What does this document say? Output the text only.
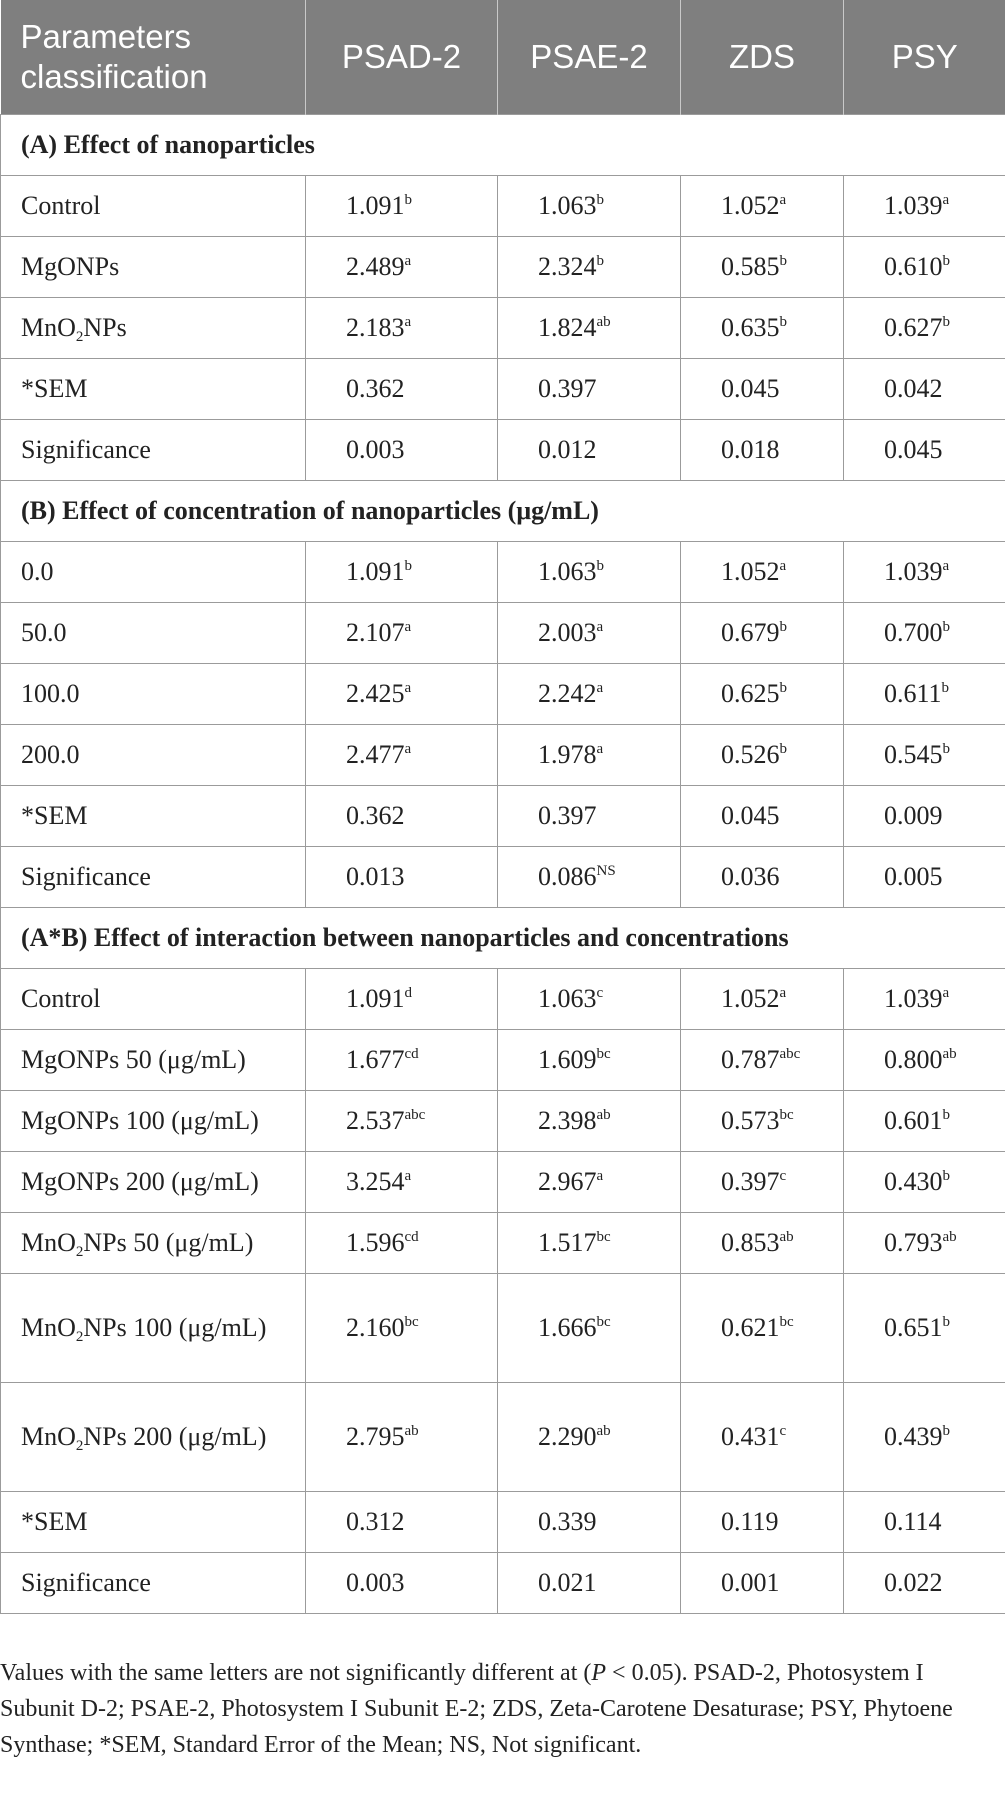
Parameters classification	PSAD-2	PSAE-2	ZDS	PSY
(A) Effect of nanoparticles				
Control	1.091$^b$	1.063$^b$	1.052$^a$	1.039$^a$
MgONPs	2.489$^a$	2.324$^b$	0.585$^b$	0.610$^b$
MnO$_2$NPs	2.183$^a$	1.824$^{ab}$	0.635$^b$	0.627$^b$
*SEM	0.362	0.397	0.045	0.042
Significance	0.003	0.012	0.018	0.045
(B) Effect of concentration of nanoparticles (μg/mL)				
0.0	1.091$^b$	1.063$^b$	1.052$^a$	1.039$^a$
50.0	2.107$^a$	2.003$^a$	0.679$^b$	0.700$^b$
100.0	2.425$^a$	2.242$^a$	0.625$^b$	0.611$^b$
200.0	2.477$^a$	1.978$^a$	0.526$^b$	0.545$^b$
*SEM	0.362	0.397	0.045	0.009
Significance	0.013	$0.086^{NS}$	0.036	0.005
(A*B) Effect of interaction between nanoparticles and concentrations				
Control	1.091$^d$	1.063$^c$	1.052$^a$	1.039$^a$
MgONPs 50 (μg/mL)	1.677$^{cd}$	1.609$^{bc}$	0.787$^{abc}$	0.800$^{ab}$
MgONPs 100 (μg/mL)	2.537$^{abc}$	2.398$^{ab}$	0.573$^{bc}$	0.601$^b$
MgONPs 200 (μg/mL)	3.254$^a$	2.967$^a$	0.397$^c$	0.430$^b$
MnO$_2$NPs 50 (μg/mL)	1.596$^{cd}$	1.517$^{bc}$	0.853$^{ab}$	0.793$^{ab}$
MnO$_2$NPs 100 (μg/mL)	2.160$^{bc}$	1.666$^{bc}$	0.621$^{bc}$	0.651$^b$
MnO$_2$NPs 200 (μg/mL)	2.795$^{ab}$	2.290$^{ab}$	0.431$^c$	0.439$^b$
*SEM	0.312	0.339	0.119	0.114
Significance	0.003	0.021	0.001	0.022
Values with the same letters are not significantly different at (P < 0.05). PSAD-2, Photosystem I Subunit D-2; PSAE-2, Photosystem I Subunit E-2; ZDS, Zeta-Carotene Desaturase; PSY, Phytoene Synthase; *SEM, Standard Error of the Mean; NS, Not significant.
